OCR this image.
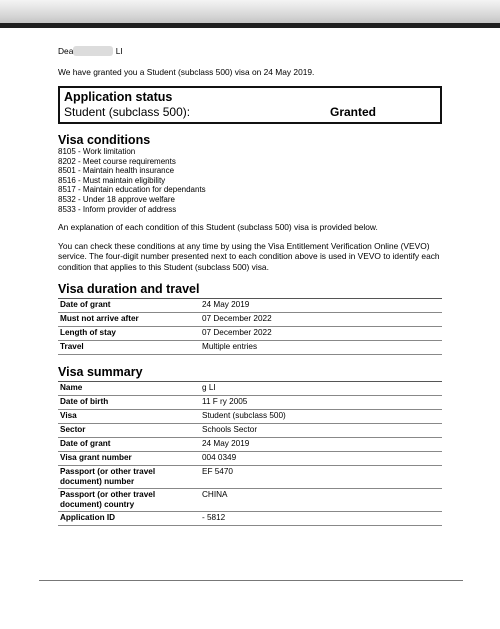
Dea	LI
We have granted you a Student (subclass 500) visa on 24 May 2019.
Application status
Student (subclass 500):	Granted
Visa conditions
8105 - Work limitation
8202 - Meet course requirements
8501 - Maintain health insurance
8516 - Must maintain eligibility
8517 - Maintain education for dependants
8532 - Under 18 approve welfare
8533 - Inform provider of address
An explanation of each condition of this Student (subclass 500) visa is provided below.
You can check these conditions at any time by using the Visa Entitlement Verification Online (VEVO) service. The four-digit number presented next to each condition above is used in VEVO to identify each condition that applies to this Student (subclass 500) visa.
Visa duration and travel
Date of grant	24 May 2019
Must not arrive after	07 December 2022
Length of stay	07 December 2022
Travel	Multiple entries
Visa summary
Name	g LI
Date of birth	11 F ry 2005
Visa	Student (subclass 500)
Sector	Schools Sector
Date of grant	24 May 2019
Visa grant number	004 0349
Passport (or other travel document) number	EF 5470
Passport (or other travel document) country	CHINA
Application ID	- 5812
